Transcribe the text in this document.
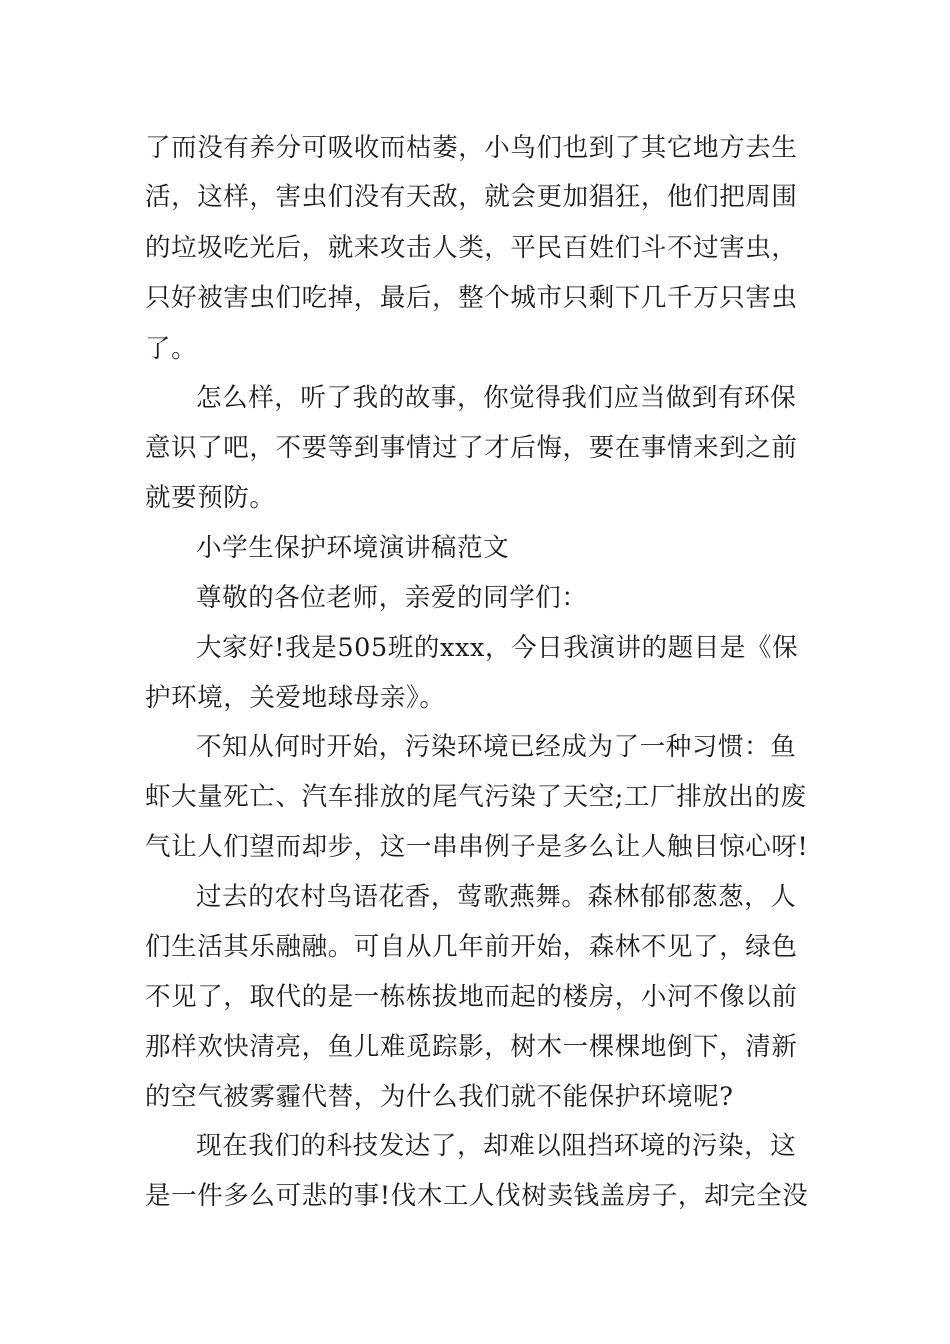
了而没有养分可吸收而枯萎，小鸟们也到了其它地方去生
活，这样，害虫们没有天敌，就会更加猖狂，他们把周围
的垃圾吃光后，就来攻击人类，平民百姓们斗不过害虫，
只好被害虫们吃掉，最后，整个城市只剩下几千万只害虫
了。
怎么样，听了我的故事，你觉得我们应当做到有环保
意识了吧，不要等到事情过了才后悔，要在事情来到之前
就要预防。
小学生保护环境演讲稿范文
尊敬的各位老师，亲爱的同学们：
大家好!我是505班的xxx，今日我演讲的题目是《保
护环境，关爱地球母亲》。
不知从何时开始，污染环境已经成为了一种习惯：鱼
虾大量死亡、汽车排放的尾气污染了天空;工厂排放出的废
气让人们望而却步，这一串串例子是多么让人触目惊心呀!
过去的农村鸟语花香，莺歌燕舞。森林郁郁葱葱，人
们生活其乐融融。可自从几年前开始，森林不见了，绿色
不见了，取代的是一栋栋拔地而起的楼房，小河不像以前
那样欢快清亮，鱼儿难觅踪影，树木一棵棵地倒下，清新
的空气被雾霾代替，为什么我们就不能保护环境呢?
现在我们的科技发达了，却难以阻挡环境的污染，这
是一件多么可悲的事!伐木工人伐树卖钱盖房子，却完全没
